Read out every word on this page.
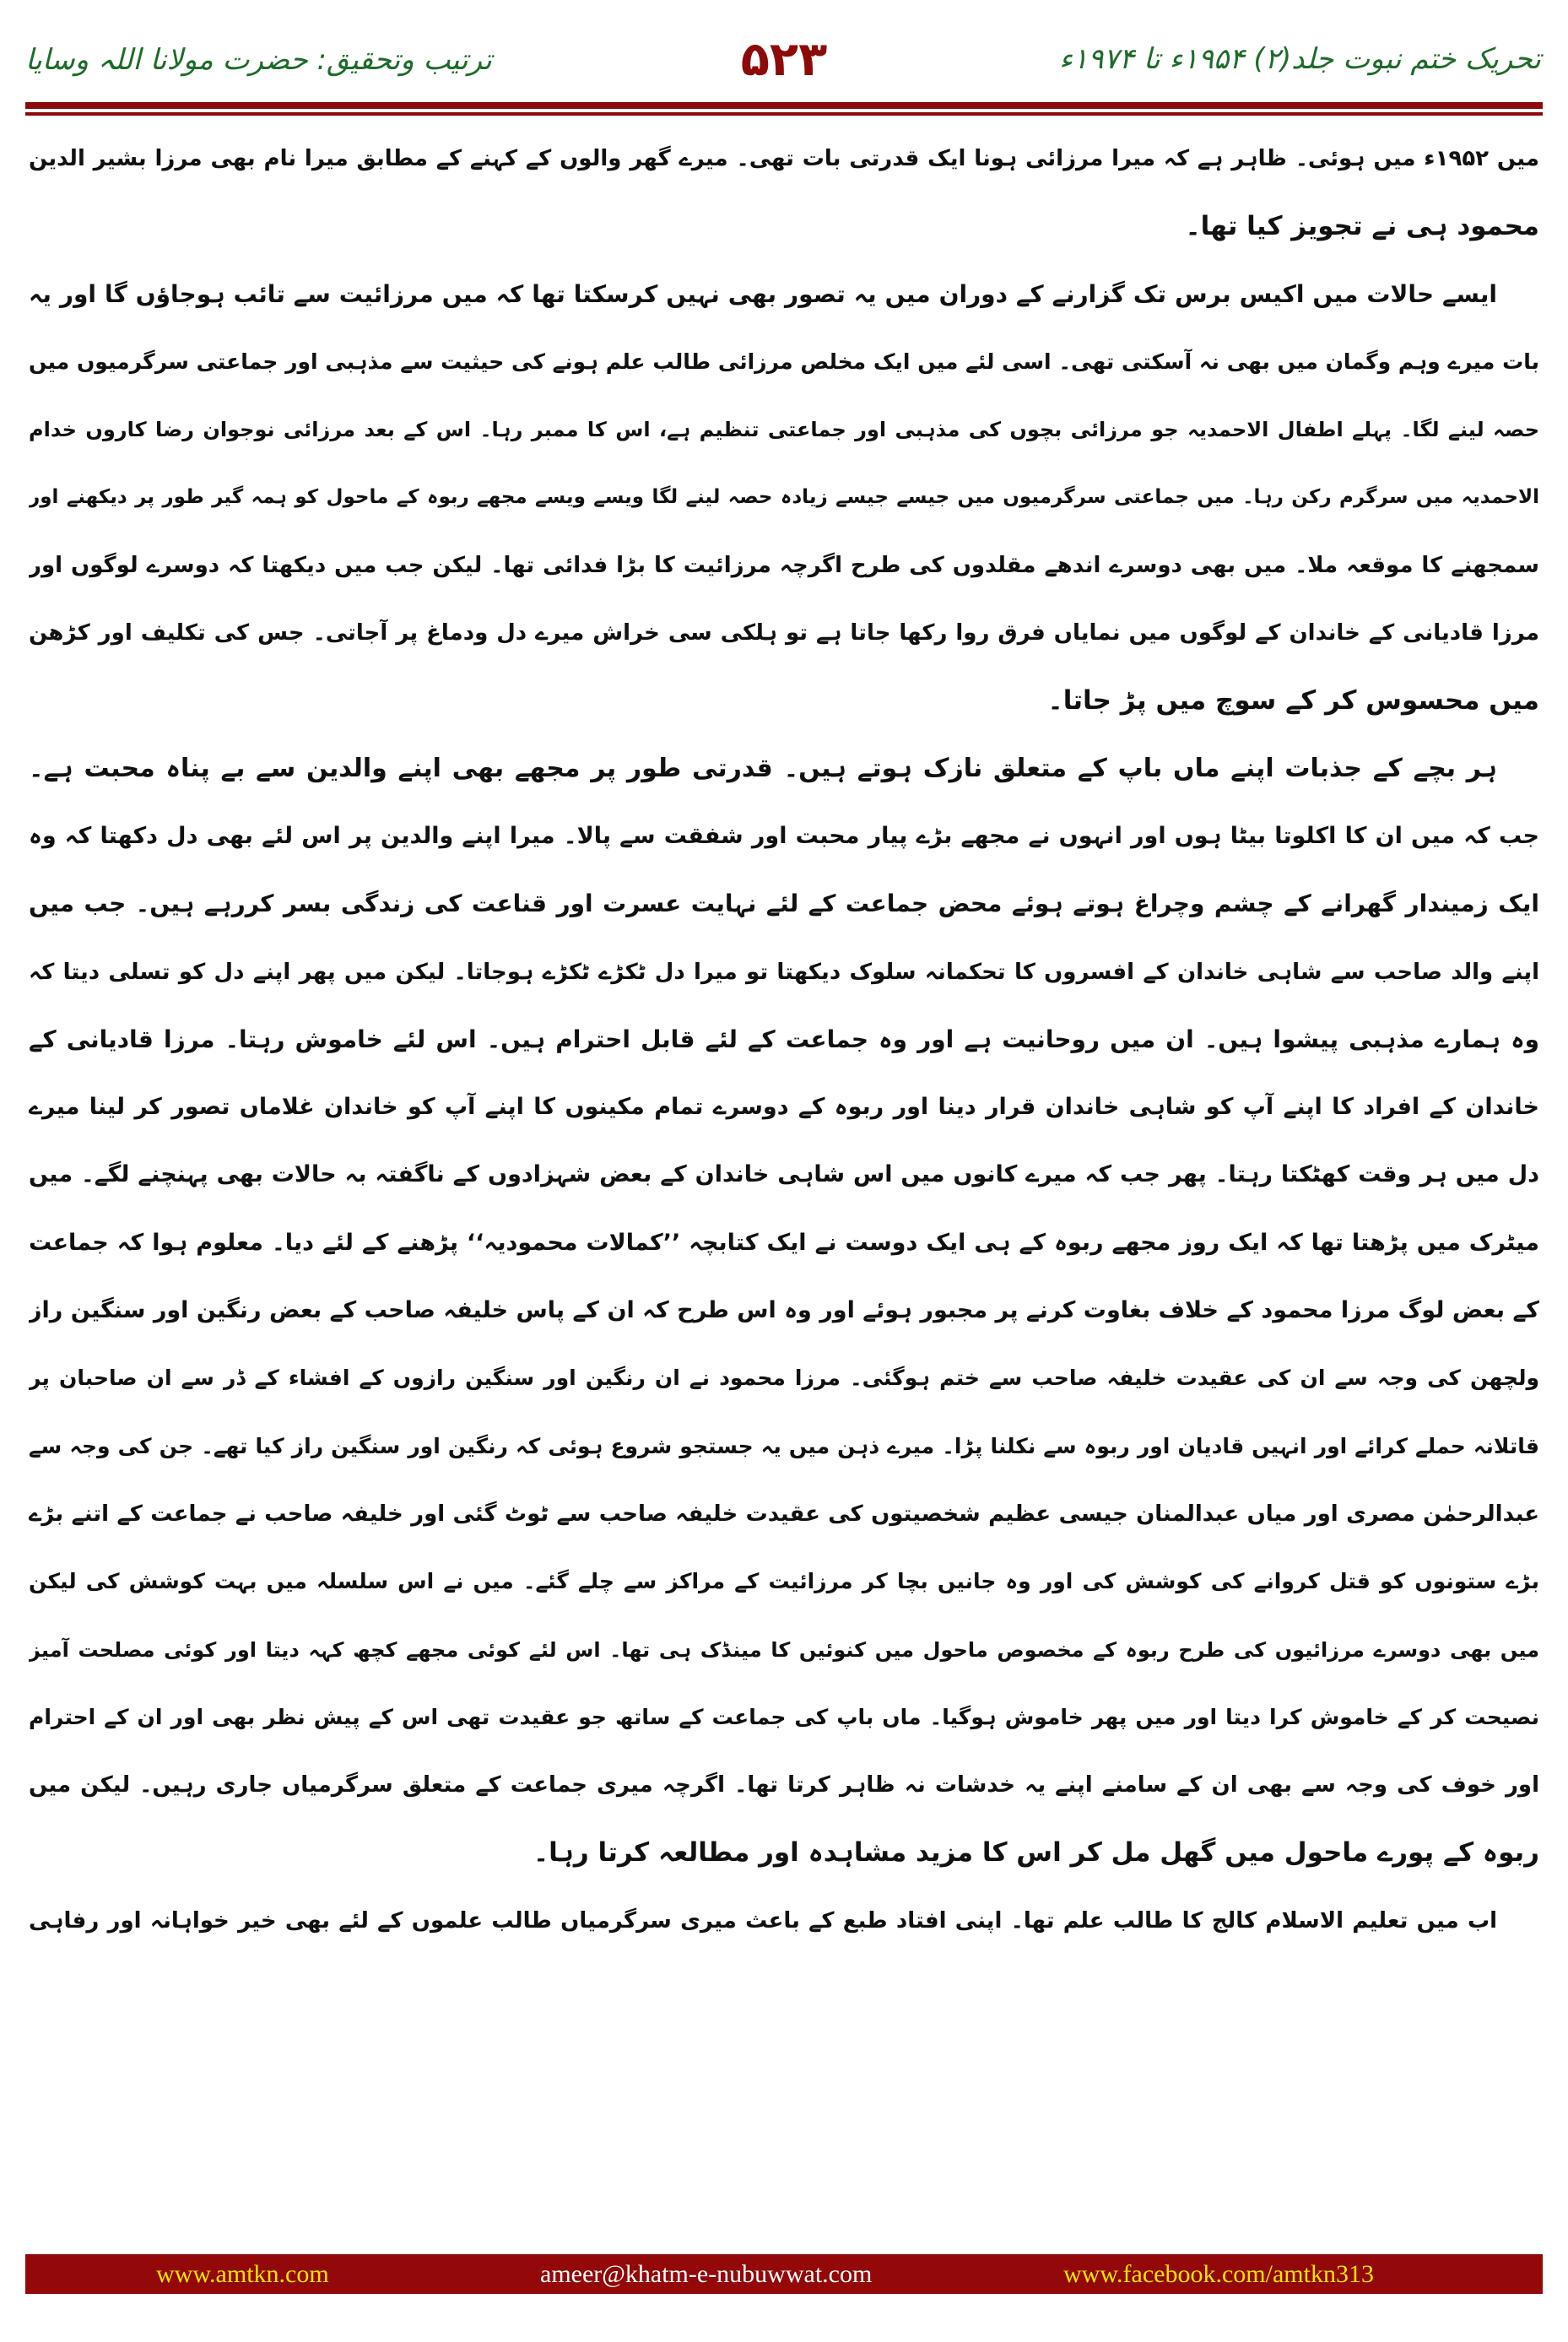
تحریک ختم نبوت جلد(۲) ۱۹۵۴ء تا ۱۹۷۴ء
۵۲۳
ترتیب وتحقیق: حضرت مولانا اللہ وسایا
میں ۱۹۵۲ء میں ہوئی۔ ظاہر ہے کہ میرا مرزائی ہونا ایک قدرتی بات تھی۔ میرے گھر والوں کے کہنے کے مطابق میرا نام بھی مرزا بشیر الدین
محمود ہی نے تجویز کیا تھا۔
ایسے حالات میں اکیس برس تک گزارنے کے دوران میں یہ تصور بھی نہیں کرسکتا تھا کہ میں مرزائیت سے تائب ہوجاؤں گا اور یہ
بات میرے وہم وگمان میں بھی نہ آسکتی تھی۔ اسی لئے میں ایک مخلص مرزائی طالب علم ہونے کی حیثیت سے مذہبی اور جماعتی سرگرمیوں میں
حصہ لینے لگا۔ پہلے اطفال الاحمدیہ جو مرزائی بچوں کی مذہبی اور جماعتی تنظیم ہے، اس کا ممبر رہا۔ اس کے بعد مرزائی نوجوان رضا کاروں خدام
الاحمدیہ میں سرگرم رکن رہا۔ میں جماعتی سرگرمیوں میں جیسے جیسے زیادہ حصہ لینے لگا ویسے ویسے مجھے ربوہ کے ماحول کو ہمہ گیر طور پر دیکھنے اور
سمجھنے کا موقعہ ملا۔ میں بھی دوسرے اندھے مقلدوں کی طرح اگرچہ مرزائیت کا بڑا فدائی تھا۔ لیکن جب میں دیکھتا کہ دوسرے لوگوں اور
مرزا قادیانی کے خاندان کے لوگوں میں نمایاں فرق روا رکھا جاتا ہے تو ہلکی سی خراش میرے دل ودماغ پر آجاتی۔ جس کی تکلیف اور کڑھن
میں محسوس کر کے سوچ میں پڑ جاتا۔
ہر بچے کے جذبات اپنے ماں باپ کے متعلق نازک ہوتے ہیں۔ قدرتی طور پر مجھے بھی اپنے والدین سے بے پناہ محبت ہے۔
جب کہ میں ان کا اکلوتا بیٹا ہوں اور انہوں نے مجھے بڑے پیار محبت اور شفقت سے پالا۔ میرا اپنے والدین پر اس لئے بھی دل دکھتا کہ وہ
ایک زمیندار گھرانے کے چشم وچراغ ہوتے ہوئے محض جماعت کے لئے نہایت عسرت اور قناعت کی زندگی بسر کررہے ہیں۔ جب میں
اپنے والد صاحب سے شاہی خاندان کے افسروں کا تحکمانہ سلوک دیکھتا تو میرا دل ٹکڑے ٹکڑے ہوجاتا۔ لیکن میں پھر اپنے دل کو تسلی دیتا کہ
وہ ہمارے مذہبی پیشوا ہیں۔ ان میں روحانیت ہے اور وہ جماعت کے لئے قابل احترام ہیں۔ اس لئے خاموش رہتا۔ مرزا قادیانی کے
خاندان کے افراد کا اپنے آپ کو شاہی خاندان قرار دینا اور ربوہ کے دوسرے تمام مکینوں کا اپنے آپ کو خاندان غلاماں تصور کر لینا میرے
دل میں ہر وقت کھٹکتا رہتا۔ پھر جب کہ میرے کانوں میں اس شاہی خاندان کے بعض شہزادوں کے ناگفتہ بہ حالات بھی پہنچنے لگے۔ میں
میٹرک میں پڑھتا تھا کہ ایک روز مجھے ربوہ کے ہی ایک دوست نے ایک کتابچہ ’’کمالات محمودیہ‘‘ پڑھنے کے لئے دیا۔ معلوم ہوا کہ جماعت
کے بعض لوگ مرزا محمود کے خلاف بغاوت کرنے پر مجبور ہوئے اور وہ اس طرح کہ ان کے پاس خلیفہ صاحب کے بعض رنگین اور سنگین راز
ولچھن کی وجہ سے ان کی عقیدت خلیفہ صاحب سے ختم ہوگئی۔ مرزا محمود نے ان رنگین اور سنگین رازوں کے افشاء کے ڈر سے ان صاحبان پر
قاتلانہ حملے کرائے اور انہیں قادیان اور ربوہ سے نکلنا پڑا۔ میرے ذہن میں یہ جستجو شروع ہوئی کہ رنگین اور سنگین راز کیا تھے۔ جن کی وجہ سے
عبدالرحمٰن مصری اور میاں عبدالمنان جیسی عظیم شخصیتوں کی عقیدت خلیفہ صاحب سے ٹوٹ گئی اور خلیفہ صاحب نے جماعت کے اتنے بڑے
بڑے ستونوں کو قتل کروانے کی کوشش کی اور وہ جانیں بچا کر مرزائیت کے مراکز سے چلے گئے۔ میں نے اس سلسلہ میں بہت کوشش کی لیکن
میں بھی دوسرے مرزائیوں کی طرح ربوہ کے مخصوص ماحول میں کنوئیں کا مینڈک ہی تھا۔ اس لئے کوئی مجھے کچھ کہہ دیتا اور کوئی مصلحت آمیز
نصیحت کر کے خاموش کرا دیتا اور میں پھر خاموش ہوگیا۔ ماں باپ کی جماعت کے ساتھ جو عقیدت تھی اس کے پیش نظر بھی اور ان کے احترام
اور خوف کی وجہ سے بھی ان کے سامنے اپنے یہ خدشات نہ ظاہر کرتا تھا۔ اگرچہ میری جماعت کے متعلق سرگرمیاں جاری رہیں۔ لیکن میں
ربوہ کے پورے ماحول میں گھل مل کر اس کا مزید مشاہدہ اور مطالعہ کرتا رہا۔
اب میں تعلیم الاسلام کالج کا طالب علم تھا۔ اپنی افتاد طبع کے باعث میری سرگرمیاں طالب علموں کے لئے بھی خیر خواہانہ اور رفاہی
www.amtkn.com	ameer@khatm-e-nubuwwat.com	www.facebook.com/amtkn313
